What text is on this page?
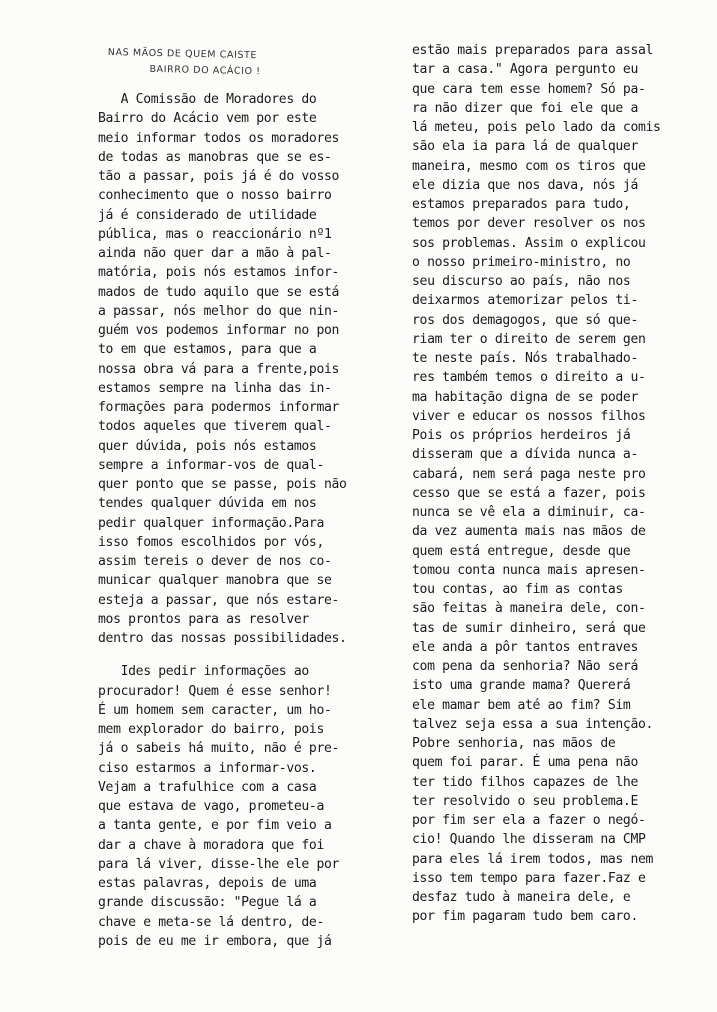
NAS MÃOS DE QUEM CAISTE
BAIRRO DO ACÁCIO !
A Comissão de Moradores do
Bairro do Acácio vem por este
meio informar todos os moradores
de todas as manobras que se es-
tão a passar, pois já é do vosso
conhecimento que o nosso bairro
já é considerado de utilidade
pública, mas o reaccionário nº1
ainda não quer dar a mão à pal-
matória, pois nós estamos infor-
mados de tudo aquilo que se está
a passar, nós melhor do que nin-
guém vos podemos informar no pon
to em que estamos, para que a
nossa obra vá para a frente,pois
estamos sempre na linha das in-
formações para podermos informar
todos aqueles que tiverem qual-
quer dúvida, pois nós estamos
sempre a informar-vos de qual-
quer ponto que se passe, pois não
tendes qualquer dúvida em nos
pedir qualquer informação.Para
isso fomos escolhidos por vós,
assim tereis o dever de nos co-
municar qualquer manobra que se
esteja a passar, que nós estare-
mos prontos para as resolver
dentro das nossas possibilidades.
Ides pedir informações ao
procurador! Quem é esse senhor!
É um homem sem caracter, um hо-
mem explorador do bairro, pois
já o sabeis há muito, não é pre-
ciso estarmos a informar-vos.
Vejam a trafulhice com a casa
que estava de vago, prometeu-a
a tanta gente, e por fim veio a
dar a chave à moradora que foi
para lá viver, disse-lhe ele por
estas palavras, depois de uma
grande discussão: "Pegue lá a
chave e meta-se lá dentro, de-
pois de eu me ir embora, que já
estão mais preparados para assal
tar a casa." Agora pergunto eu
que cara tem esse homem? Só pa-
ra não dizer que foi ele que a
lá meteu, pois pelo lado da comis
são ela ia para lá de qualquer
maneira, mesmo com os tiros que
ele dizia que nos dava, nós já
estamos preparados para tudo,
temos por dever resolver os nos
sos problemas. Assim o explicou
o nosso primeiro-ministro, no
seu discurso ao país, não nos
deixarmos atemorizar pelos ti-
ros dos demagogos, que só que-
riam ter o direito de serem gen
te neste país. Nós trabalhado-
res também temos o direito a u-
ma habitação digna de se poder
viver e educar os nossos filhos
Pois os próprios herdeiros já
disseram que a dívida nunca a-
cabará, nem será paga neste pro
cesso que se está a fazer, pois
nunca se vê ela a diminuir, ca-
da vez aumenta mais nas mãos de
quem está entregue, desde que
tomou conta nunca mais apresen-
tou contas, ao fim as contas
são feitas à maneira dele, con-
tas de sumir dinheiro, será que
ele anda a pôr tantos entraves
com pena da senhoria? Não será
isto uma grande mama? Quererá
ele mamar bem até ao fim? Sim
talvez seja essa a sua intenção.
Pobre senhoria, nas mãos de
quem foi parar. É uma pena não
ter tido filhos capazes de lhe
ter resolvido o seu problema.E
por fim ser ela a fazer o negó-
cio! Quando lhe disseram na CMP
para eles lá irem todos, mas nem
isso tem tempo para fazer.Faz e
desfaz tudo à maneira dele, e
por fim pagaram tudo bem caro.
